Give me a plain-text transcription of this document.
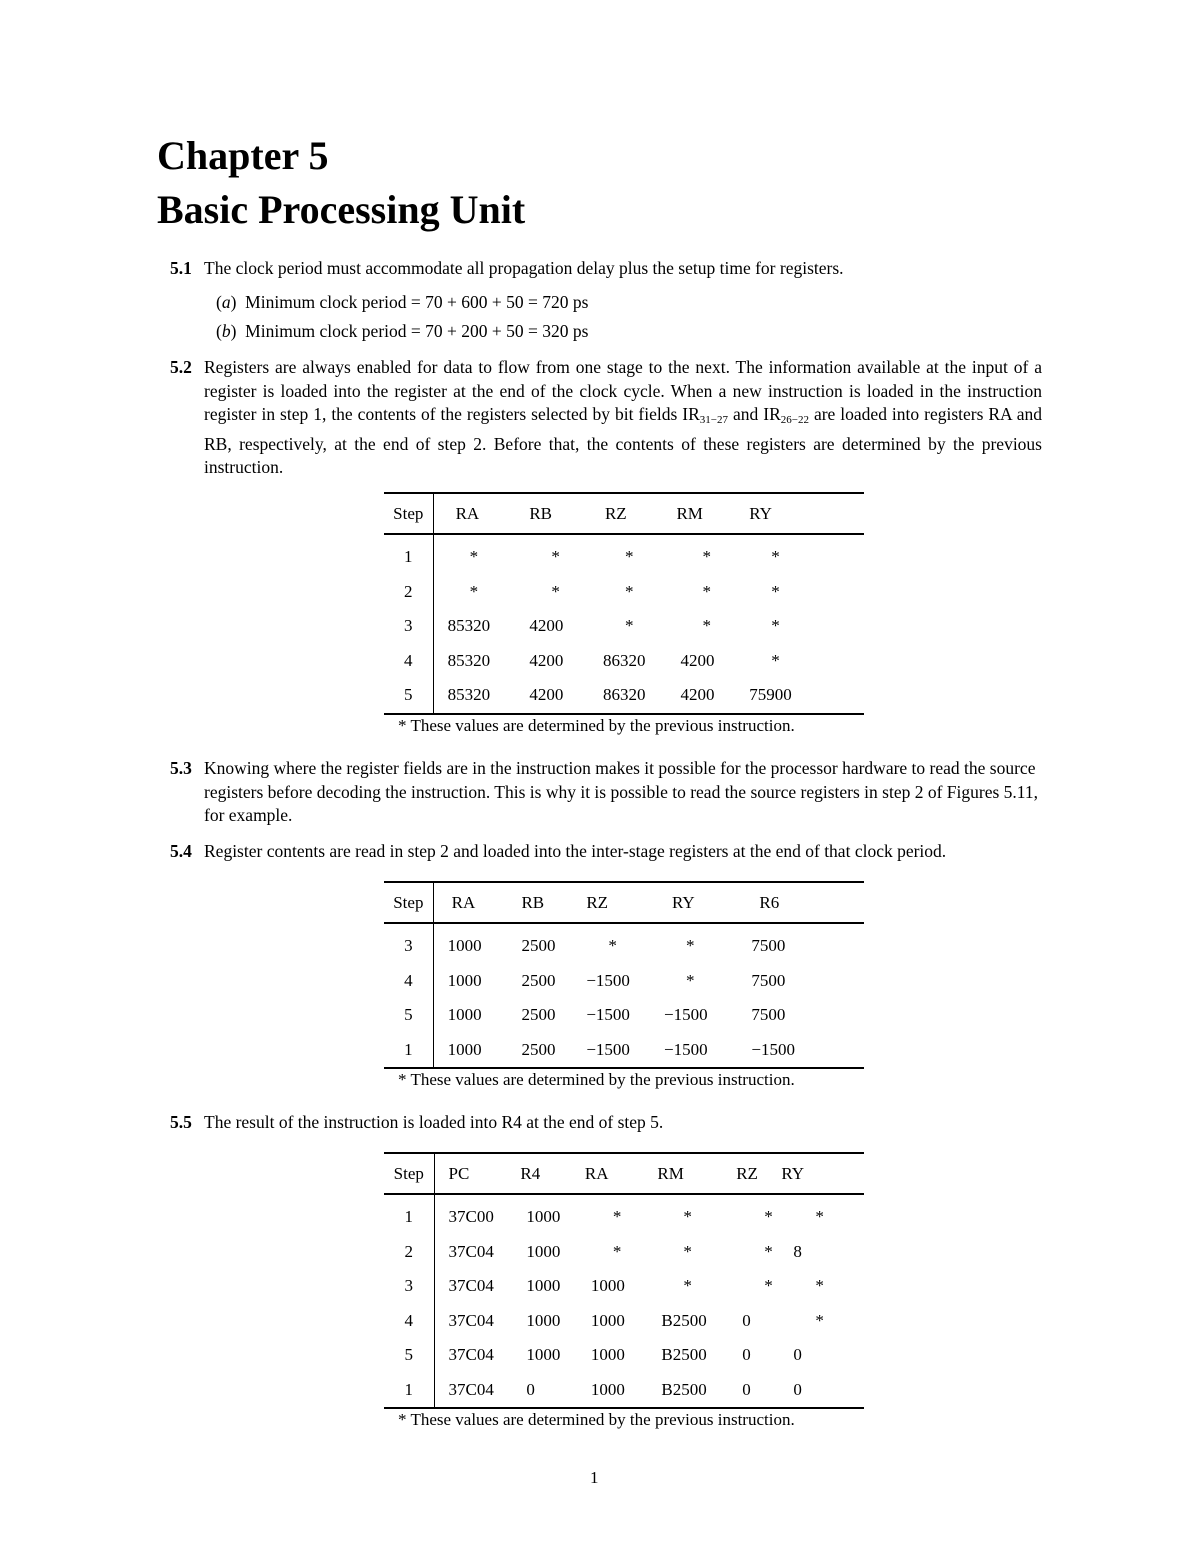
Chapter 5
Basic Processing Unit
5.1 The clock period must accommodate all propagation delay plus the setup time for registers.
(a)  Minimum clock period = 70 + 600 + 50 = 720 ps
(b)  Minimum clock period = 70 + 200 + 50 = 320 ps
5.2 Registers are always enabled for data to flow from one stage to the next. The information available at the input of a register is loaded into the register at the end of the clock cycle. When a new instruction is loaded in the instruction register in step 1, the contents of the registers selected by bit fields $IR_{31-27}$ and $IR_{26-22}$ are loaded into registers RA and RB, respectively, at the end of step 2. Before that, the contents of these registers are determined by the previous instruction.
Step	RA	RB	RZ	RM	RY
1	*	*	*	*	*
2	*	*	*	*	*
3	85320	4200	*	*	*
4	85320	4200	86320	4200	*
5	85320	4200	86320	4200	75900
* These values are determined by the previous instruction.
5.3 Knowing where the register fields are in the instruction makes it possible for the processor hardware to read the source registers before decoding the instruction. This is why it is possible to read the source registers in step 2 of Figures 5.11, for example.
5.4 Register contents are read in step 2 and loaded into the inter-stage registers at the end of that clock period.
Step	RA	RB	RZ	RY	R6
3	1000	2500	*	*	7500
4	1000	2500	−1500	*	7500
5	1000	2500	−1500	−1500	7500
1	1000	2500	−1500	−1500	−1500
* These values are determined by the previous instruction.
5.5 The result of the instruction is loaded into R4 at the end of step 5.
Step	PC	R4	RA	RM	RZ	RY
1	37C00	1000	*	*	*	*
2	37C04	1000	*	*	*	8
3	37C04	1000	1000	*	*	*
4	37C04	1000	1000	B2500	0	*
5	37C04	1000	1000	B2500	0	0
1	37C04	0	1000	B2500	0	0
* These values are determined by the previous instruction.
1
